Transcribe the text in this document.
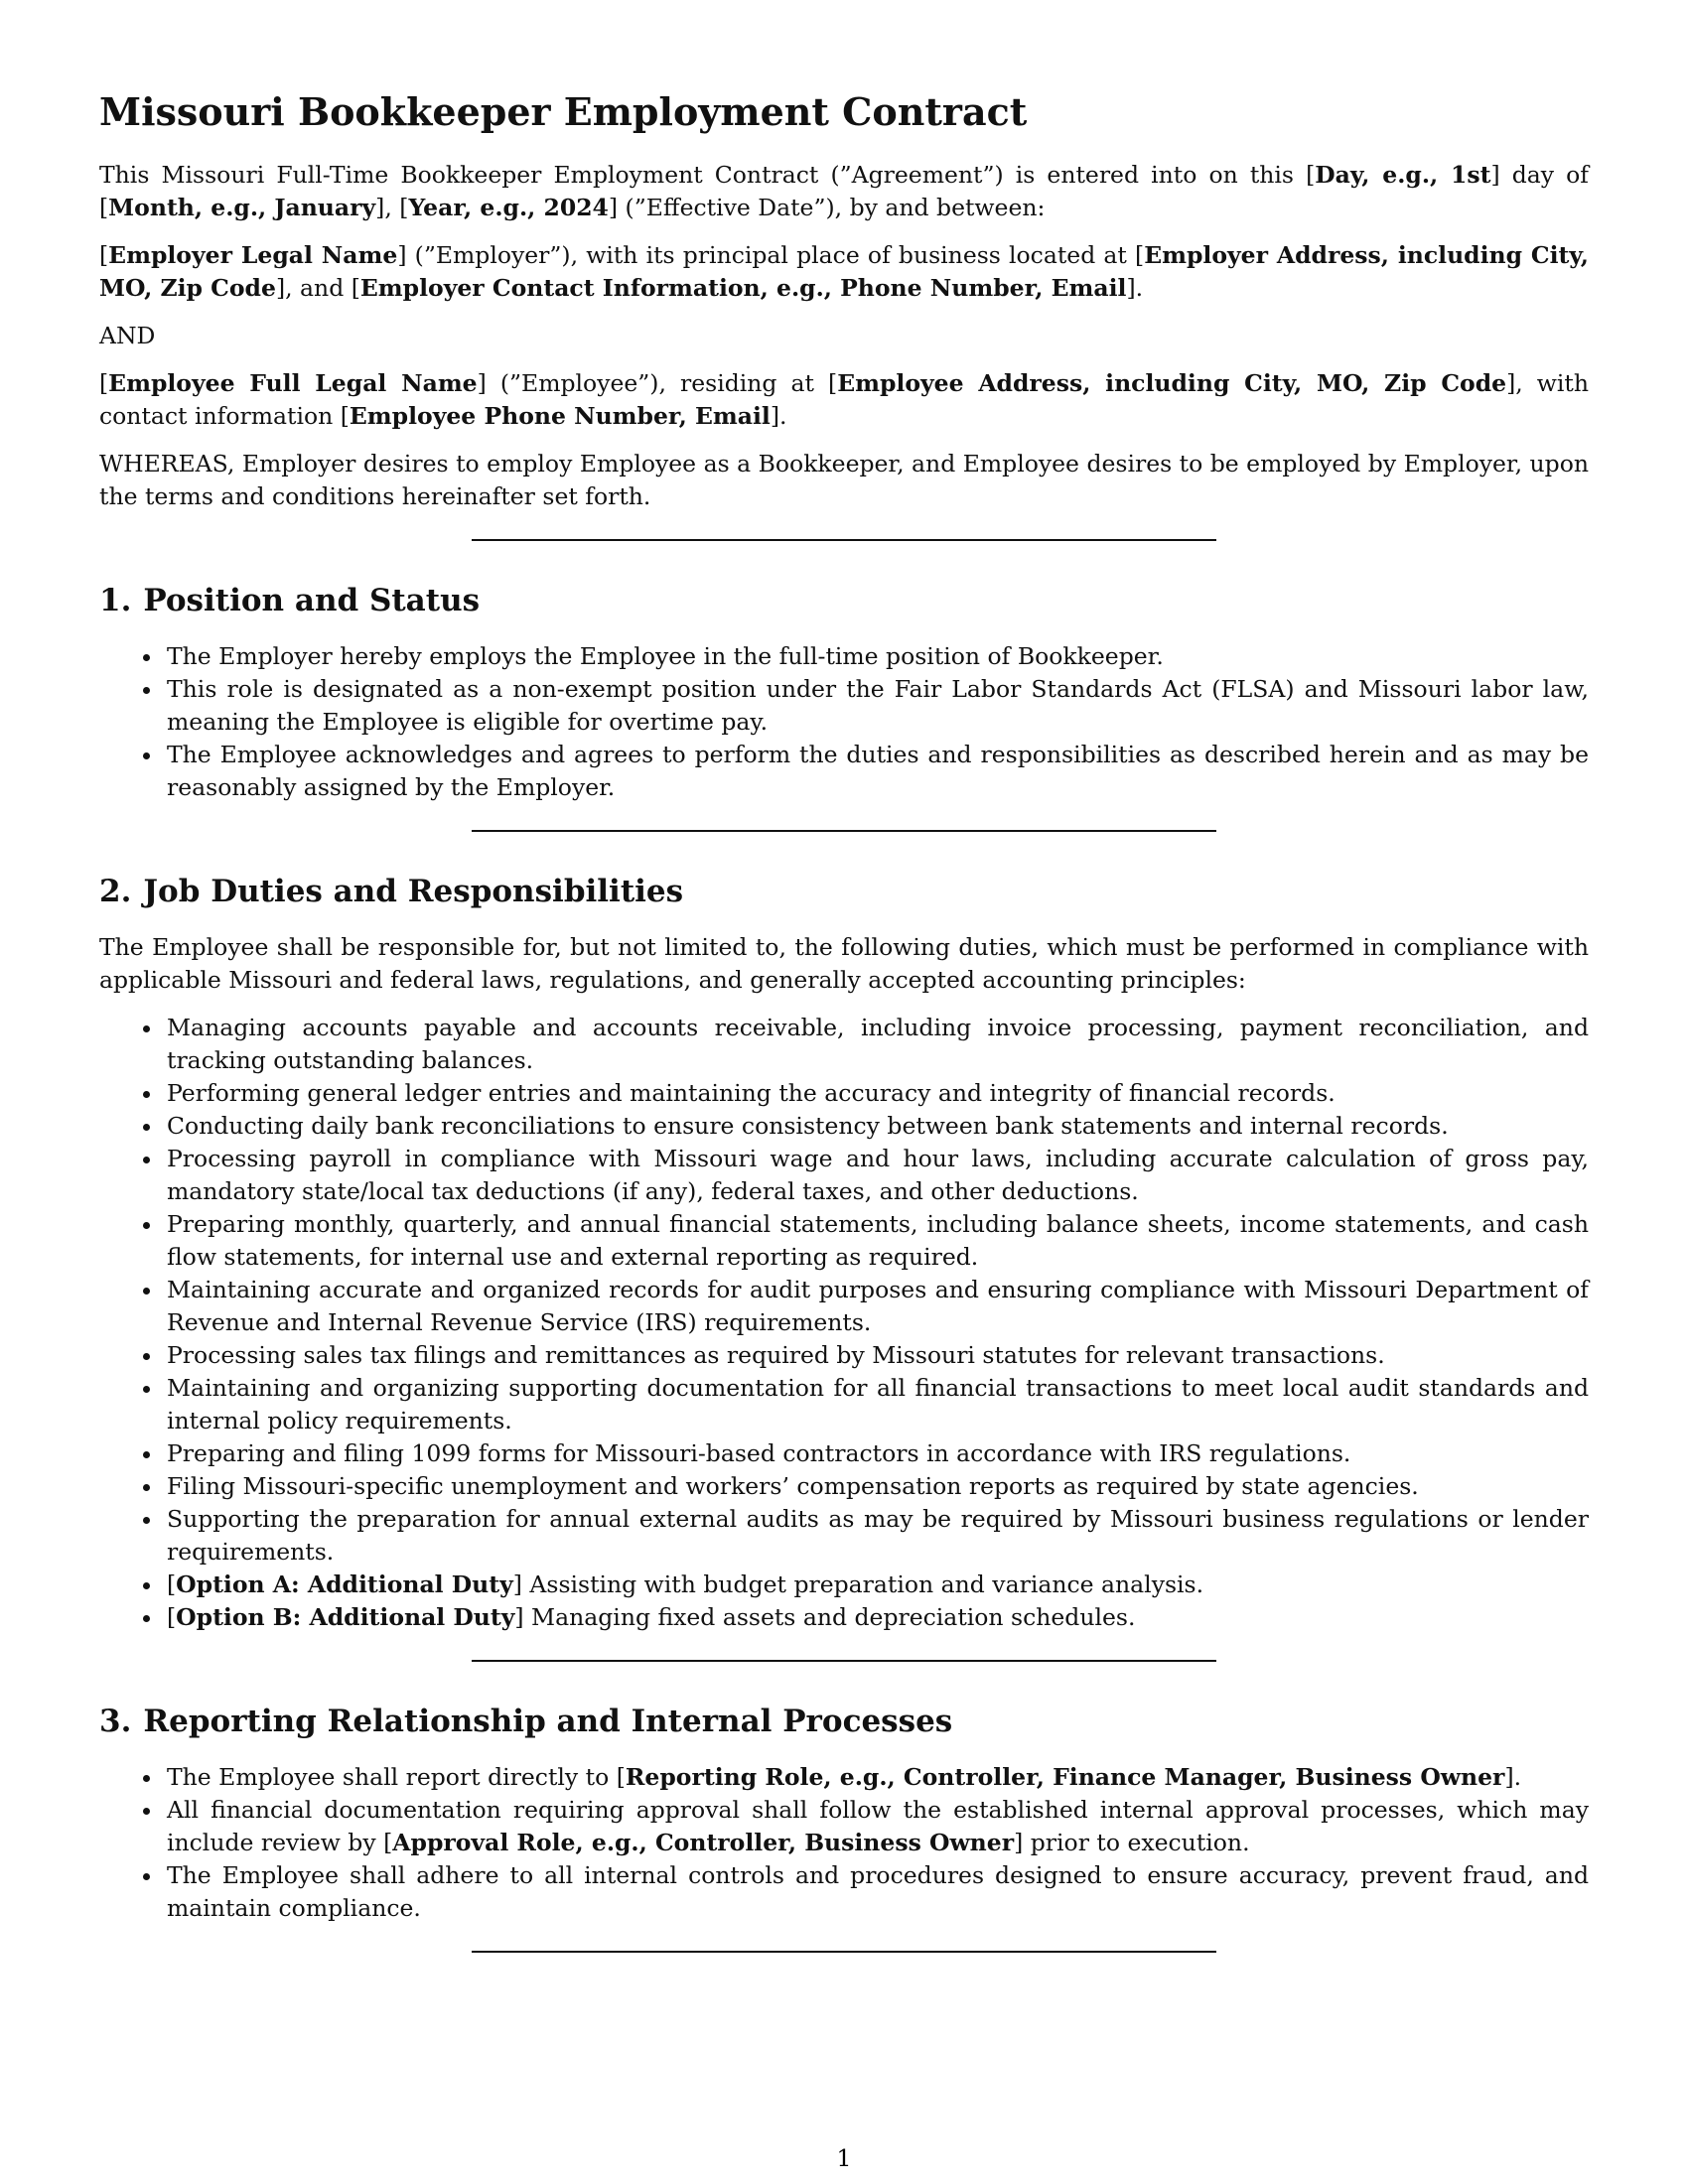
Missouri Bookkeeper Employment Contract

This Missouri Full-Time Bookkeeper Employment Contract (”Agreement”) is entered into on this [Day, e.g., 1st] day of [Month, e.g., January], [Year, e.g., 2024] (”Effective Date”), by and between:

[Employer Legal Name] (”Employer”), with its principal place of business located at [Employer Address, including City, MO, Zip Code], and [Employer Contact Information, e.g., Phone Number, Email].

AND

[Employee Full Legal Name] (”Employee”), residing at [Employee Address, including City, MO, Zip Code], with contact information [Employee Phone Number, Email].

WHEREAS, Employer desires to employ Employee as a Bookkeeper, and Employee desires to be employed by Employer, upon the terms and conditions hereinafter set forth.

1. Position and Status
The Employer hereby employs the Employee in the full-time position of Bookkeeper.
This role is designated as a non-exempt position under the Fair Labor Standards Act (FLSA) and Missouri labor law, meaning the Employee is eligible for overtime pay.
The Employee acknowledges and agrees to perform the duties and responsibilities as described herein and as may be reasonably assigned by the Employer.
2. Job Duties and Responsibilities

The Employee shall be responsible for, but not limited to, the following duties, which must be performed in compliance with applicable Missouri and federal laws, regulations, and generally accepted accounting principles:

Managing accounts payable and accounts receivable, including invoice processing, payment reconciliation, and tracking outstanding balances.
Performing general ledger entries and maintaining the accuracy and integrity of financial records.
Conducting daily bank reconciliations to ensure consistency between bank statements and internal records.
Processing payroll in compliance with Missouri wage and hour laws, including accurate calculation of gross pay, mandatory state/local tax deductions (if any), federal taxes, and other deductions.
Preparing monthly, quarterly, and annual financial statements, including balance sheets, income statements, and cash flow statements, for internal use and external reporting as required.
Maintaining accurate and organized records for audit purposes and ensuring compliance with Missouri Department of Revenue and Internal Revenue Service (IRS) requirements.
Processing sales tax filings and remittances as required by Missouri statutes for relevant transactions.
Maintaining and organizing supporting documentation for all financial transactions to meet local audit standards and internal policy requirements.
Preparing and filing 1099 forms for Missouri-based contractors in accordance with IRS regulations.
Filing Missouri-specific unemployment and workers’ compensation reports as required by state agencies.
Supporting the preparation for annual external audits as may be required by Missouri business regulations or lender requirements.
[Option A: Additional Duty] Assisting with budget preparation and variance analysis.
[Option B: Additional Duty] Managing fixed assets and depreciation schedules.
3. Reporting Relationship and Internal Processes
The Employee shall report directly to [Reporting Role, e.g., Controller, Finance Manager, Business Owner].
All financial documentation requiring approval shall follow the established internal approval processes, which may include review by [Approval Role, e.g., Controller, Business Owner] prior to execution.
The Employee shall adhere to all internal controls and procedures designed to ensure accuracy, prevent fraud, and maintain compliance.
1
